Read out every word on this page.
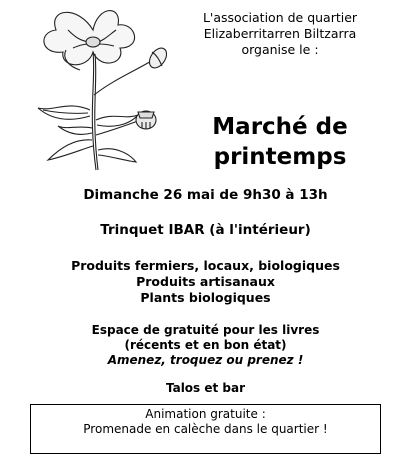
L'association de quartier
Elizaberritarren Biltzarra
organise le :
Marché de
printemps
Dimanche 26 mai de 9h30 à 13h
Trinquet IBAR (à l'intérieur)
Produits fermiers, locaux, biologiques
Produits artisanaux
Plants biologiques
Espace de gratuité pour les livres
(récents et en bon état)
Amenez, troquez ou prenez !
Talos et bar
Animation gratuite :
Promenade en calèche dans le quartier !
